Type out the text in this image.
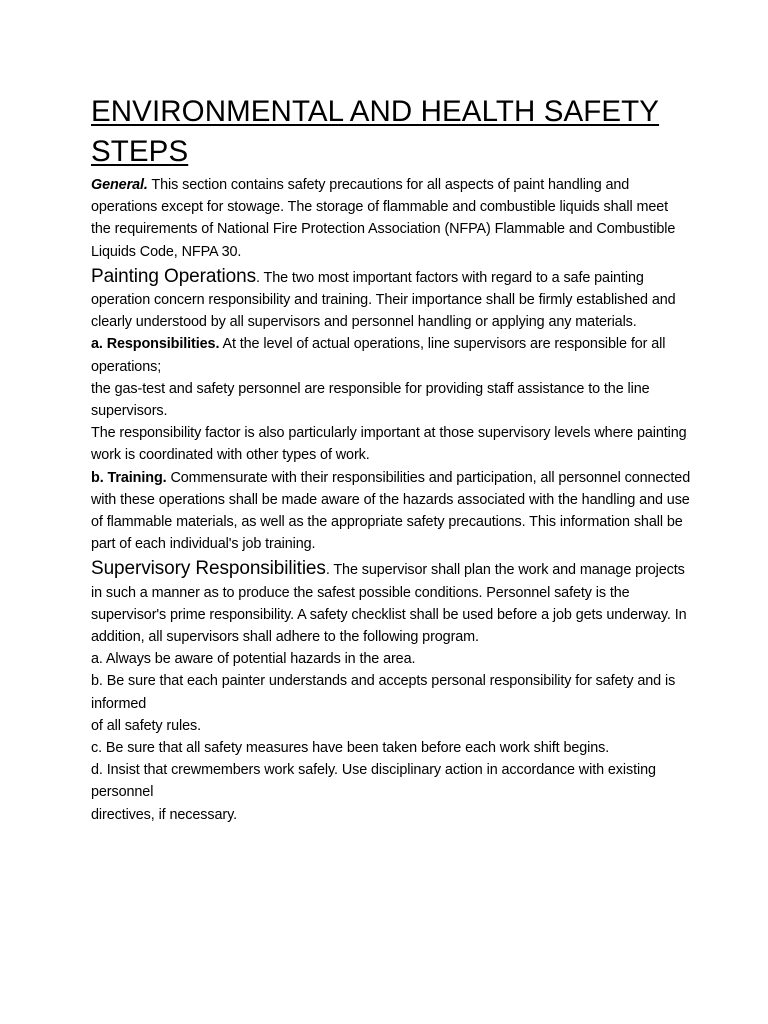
ENVIRONMENTAL AND HEALTH SAFETY
STEPS

General. This section contains safety precautions for all aspects of paint handling and operations except for stowage. The storage of flammable and combustible liquids shall meet the requirements of National Fire Protection Association (NFPA) Flammable and Combustible Liquids Code, NFPA 30.

Painting Operations. The two most important factors with regard to a safe painting operation concern responsibility and training. Their importance shall be firmly established and clearly understood by all supervisors and personnel handling or applying any materials.

a. Responsibilities. At the level of actual operations, line supervisors are responsible for all operations;

the gas-test and safety personnel are responsible for providing staff assistance to the line supervisors.

The responsibility factor is also particularly important at those supervisory levels where painting work is coordinated with other types of work.

b. Training. Commensurate with their responsibilities and participation, all personnel connected with these operations shall be made aware of the hazards associated with the handling and use of flammable materials, as well as the appropriate safety precautions. This information shall be part of each individual's job training.

Supervisory Responsibilities. The supervisor shall plan the work and manage projects in such a manner as to produce the safest possible conditions. Personnel safety is the supervisor's prime responsibility. A safety checklist shall be used before a job gets underway. In addition, all supervisors shall adhere to the following program.

a. Always be aware of potential hazards in the area.

b. Be sure that each painter understands and accepts personal responsibility for safety and is informed

of all safety rules.

c. Be sure that all safety measures have been taken before each work shift begins.

d. Insist that crewmembers work safely. Use disciplinary action in accordance with existing personnel

directives, if necessary.
